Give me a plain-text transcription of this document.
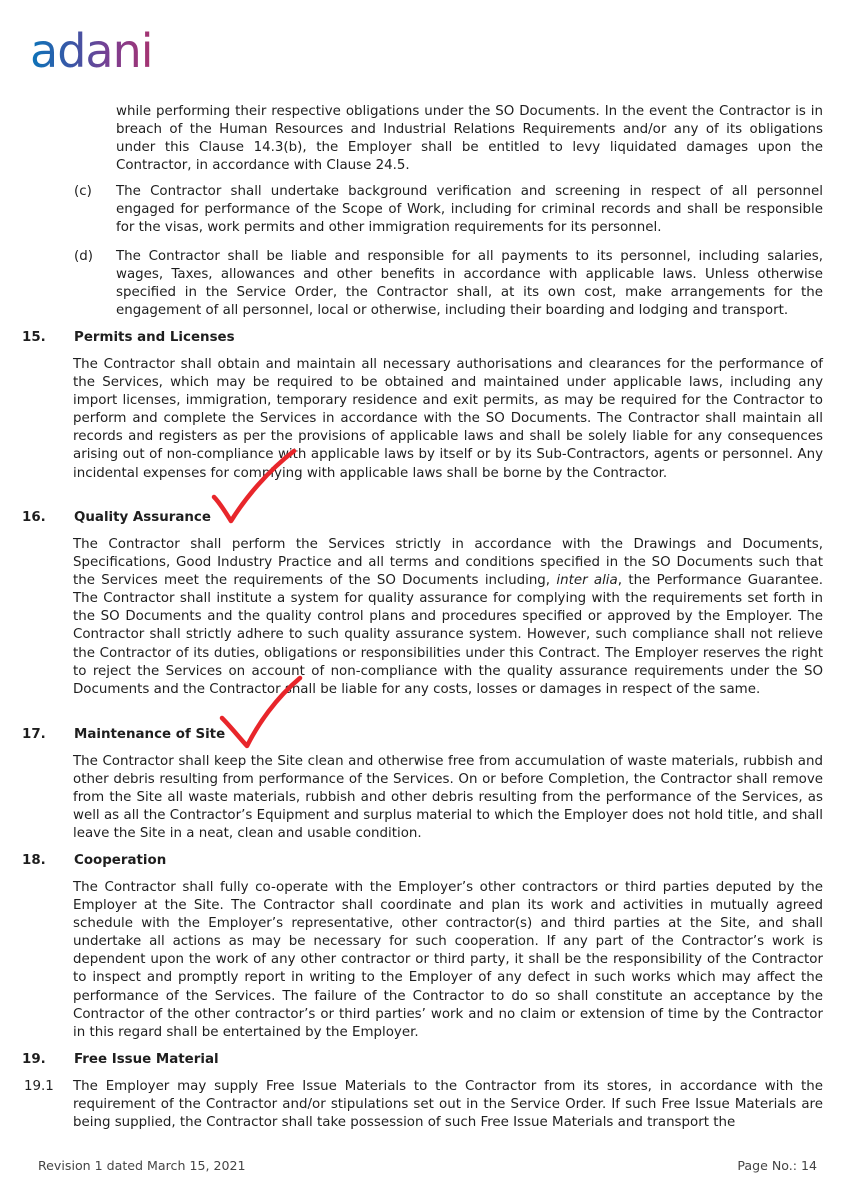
adani

while performing their respective obligations under the SO Documents. In the event the Contractor is in breach of the Human Resources and Industrial Relations Requirements and/or any of its obligations under this Clause 14.3(b), the Employer shall be entitled to levy liquidated damages upon the Contractor, in accordance with Clause 24.5.

(c) The Contractor shall undertake background verification and screening in respect of all personnel engaged for performance of the Scope of Work, including for criminal records and shall be responsible for the visas, work permits and other immigration requirements for its personnel.

(d) The Contractor shall be liable and responsible for all payments to its personnel, including salaries, wages, Taxes, allowances and other benefits in accordance with applicable laws. Unless otherwise specified in the Service Order, the Contractor shall, at its own cost, make arrangements for the engagement of all personnel, local or otherwise, including their boarding and lodging and transport.

15. Permits and Licenses

The Contractor shall obtain and maintain all necessary authorisations and clearances for the performance of the Services, which may be required to be obtained and maintained under applicable laws, including any import licenses, immigration, temporary residence and exit permits, as may be required for the Contractor to perform and complete the Services in accordance with the SO Documents. The Contractor shall maintain all records and registers as per the provisions of applicable laws and shall be solely liable for any consequences arising out of non-compliance with applicable laws by itself or by its Sub-Contractors, agents or personnel. Any incidental expenses for complying with applicable laws shall be borne by the Contractor.

16. Quality Assurance

The Contractor shall perform the Services strictly in accordance with the Drawings and Documents, Specifications, Good Industry Practice and all terms and conditions specified in the SO Documents such that the Services meet the requirements of the SO Documents including, inter alia, the Performance Guarantee. The Contractor shall institute a system for quality assurance for complying with the requirements set forth in the SO Documents and the quality control plans and procedures specified or approved by the Employer. The Contractor shall strictly adhere to such quality assurance system. However, such compliance shall not relieve the Contractor of its duties, obligations or responsibilities under this Contract. The Employer reserves the right to reject the Services on account of non-compliance with the quality assurance requirements under the SO Documents and the Contractor shall be liable for any costs, losses or damages in respect of the same.

17. Maintenance of Site

The Contractor shall keep the Site clean and otherwise free from accumulation of waste materials, rubbish and other debris resulting from performance of the Services. On or before Completion, the Contractor shall remove from the Site all waste materials, rubbish and other debris resulting from the performance of the Services, as well as all the Contractor’s Equipment and surplus material to which the Employer does not hold title, and shall leave the Site in a neat, clean and usable condition.

18. Cooperation

The Contractor shall fully co-operate with the Employer’s other contractors or third parties deputed by the Employer at the Site. The Contractor shall coordinate and plan its work and activities in mutually agreed schedule with the Employer’s representative, other contractor(s) and third parties at the Site, and shall undertake all actions as may be necessary for such cooperation. If any part of the Contractor’s work is dependent upon the work of any other contractor or third party, it shall be the responsibility of the Contractor to inspect and promptly report in writing to the Employer of any defect in such works which may affect the performance of the Services. The failure of the Contractor to do so shall constitute an acceptance by the Contractor of the other contractor’s or third parties’ work and no claim or extension of time by the Contractor in this regard shall be entertained by the Employer.

19. Free Issue Material
19.1 The Employer may supply Free Issue Materials to the Contractor from its stores, in accordance with the requirement of the Contractor and/or stipulations set out in the Service Order. If such Free Issue Materials are being supplied, the Contractor shall take possession of such Free Issue Materials and transport the

Revision 1 dated March 15, 2021	Page No.: 14
